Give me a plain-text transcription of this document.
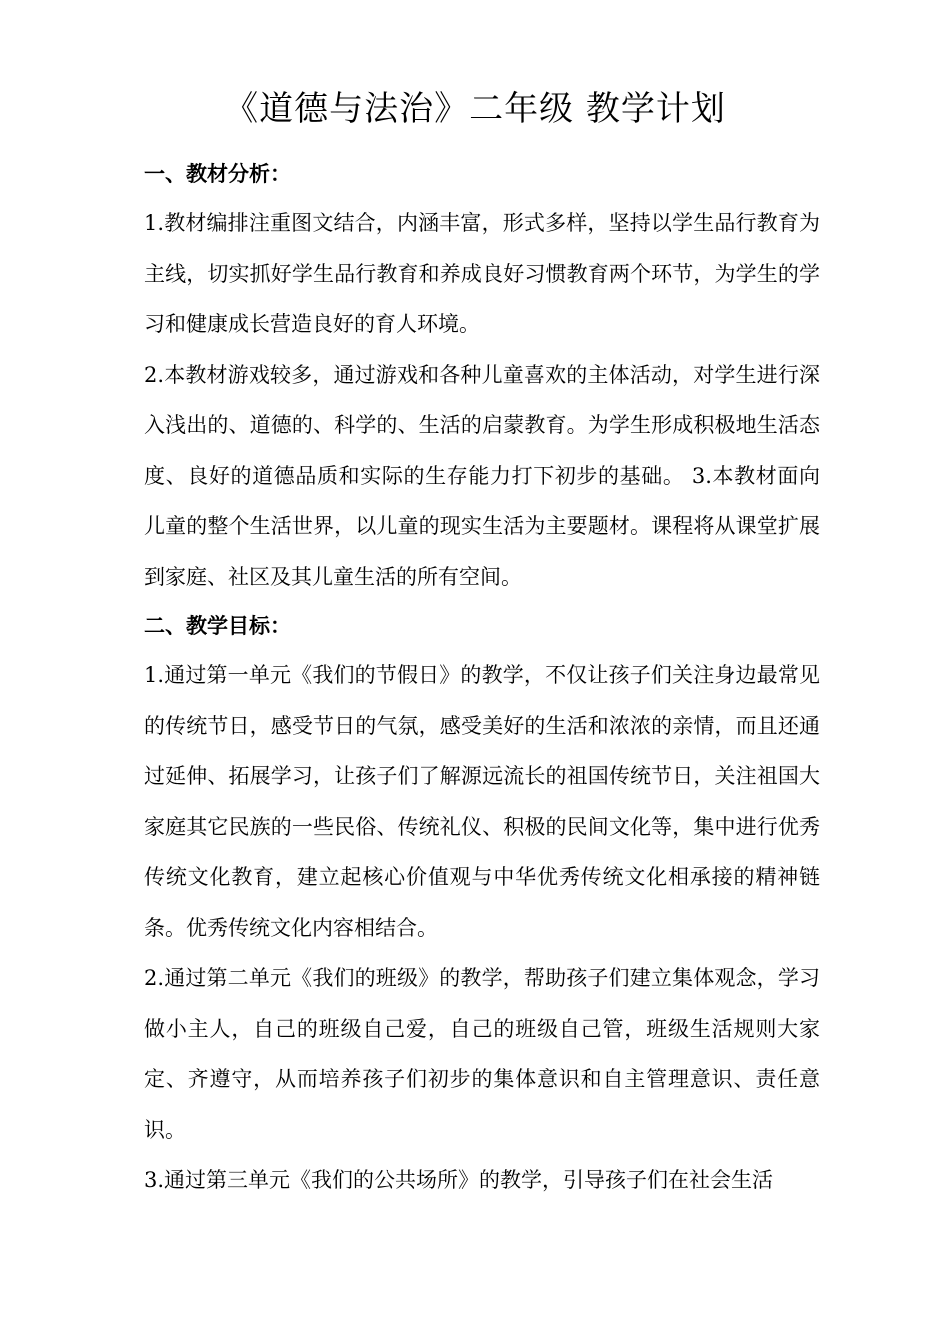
《道德与法治》二年级 教学计划
一、教材分析：

1.教材编排注重图文结合，内涵丰富，形式多样，坚持以学生品行教育为主线，切实抓好学生品行教育和养成良好习惯教育两个环节，为学生的学习和健康成长营造良好的育人环境。

2.本教材游戏较多，通过游戏和各种儿童喜欢的主体活动，对学生进行深入浅出的、道德的、科学的、生活的启蒙教育。为学生形成积极地生活态度、良好的道德品质和实际的生存能力打下初步的基础。 3.本教材面向儿童的整个生活世界，以儿童的现实生活为主要题材。课程将从课堂扩展到家庭、社区及其儿童生活的所有空间。

二、教学目标：

1.通过第一单元《我们的节假日》的教学，不仅让孩子们关注身边最常见的传统节日，感受节日的气氛，感受美好的生活和浓浓的亲情，而且还通过延伸、拓展学习，让孩子们了解源远流长的祖国传统节日，关注祖国大家庭其它民族的一些民俗、传统礼仪、积极的民间文化等，集中进行优秀传统文化教育，建立起核心价值观与中华优秀传统文化相承接的精神链条。优秀传统文化内容相结合。

2.通过第二单元《我们的班级》的教学，帮助孩子们建立集体观念，学习做小主人，自己的班级自己爱，自己的班级自己管，班级生活规则大家定、齐遵守，从而培养孩子们初步的集体意识和自主管理意识、责任意识。

3.通过第三单元《我们的公共场所》的教学，引导孩子们在社会生活
